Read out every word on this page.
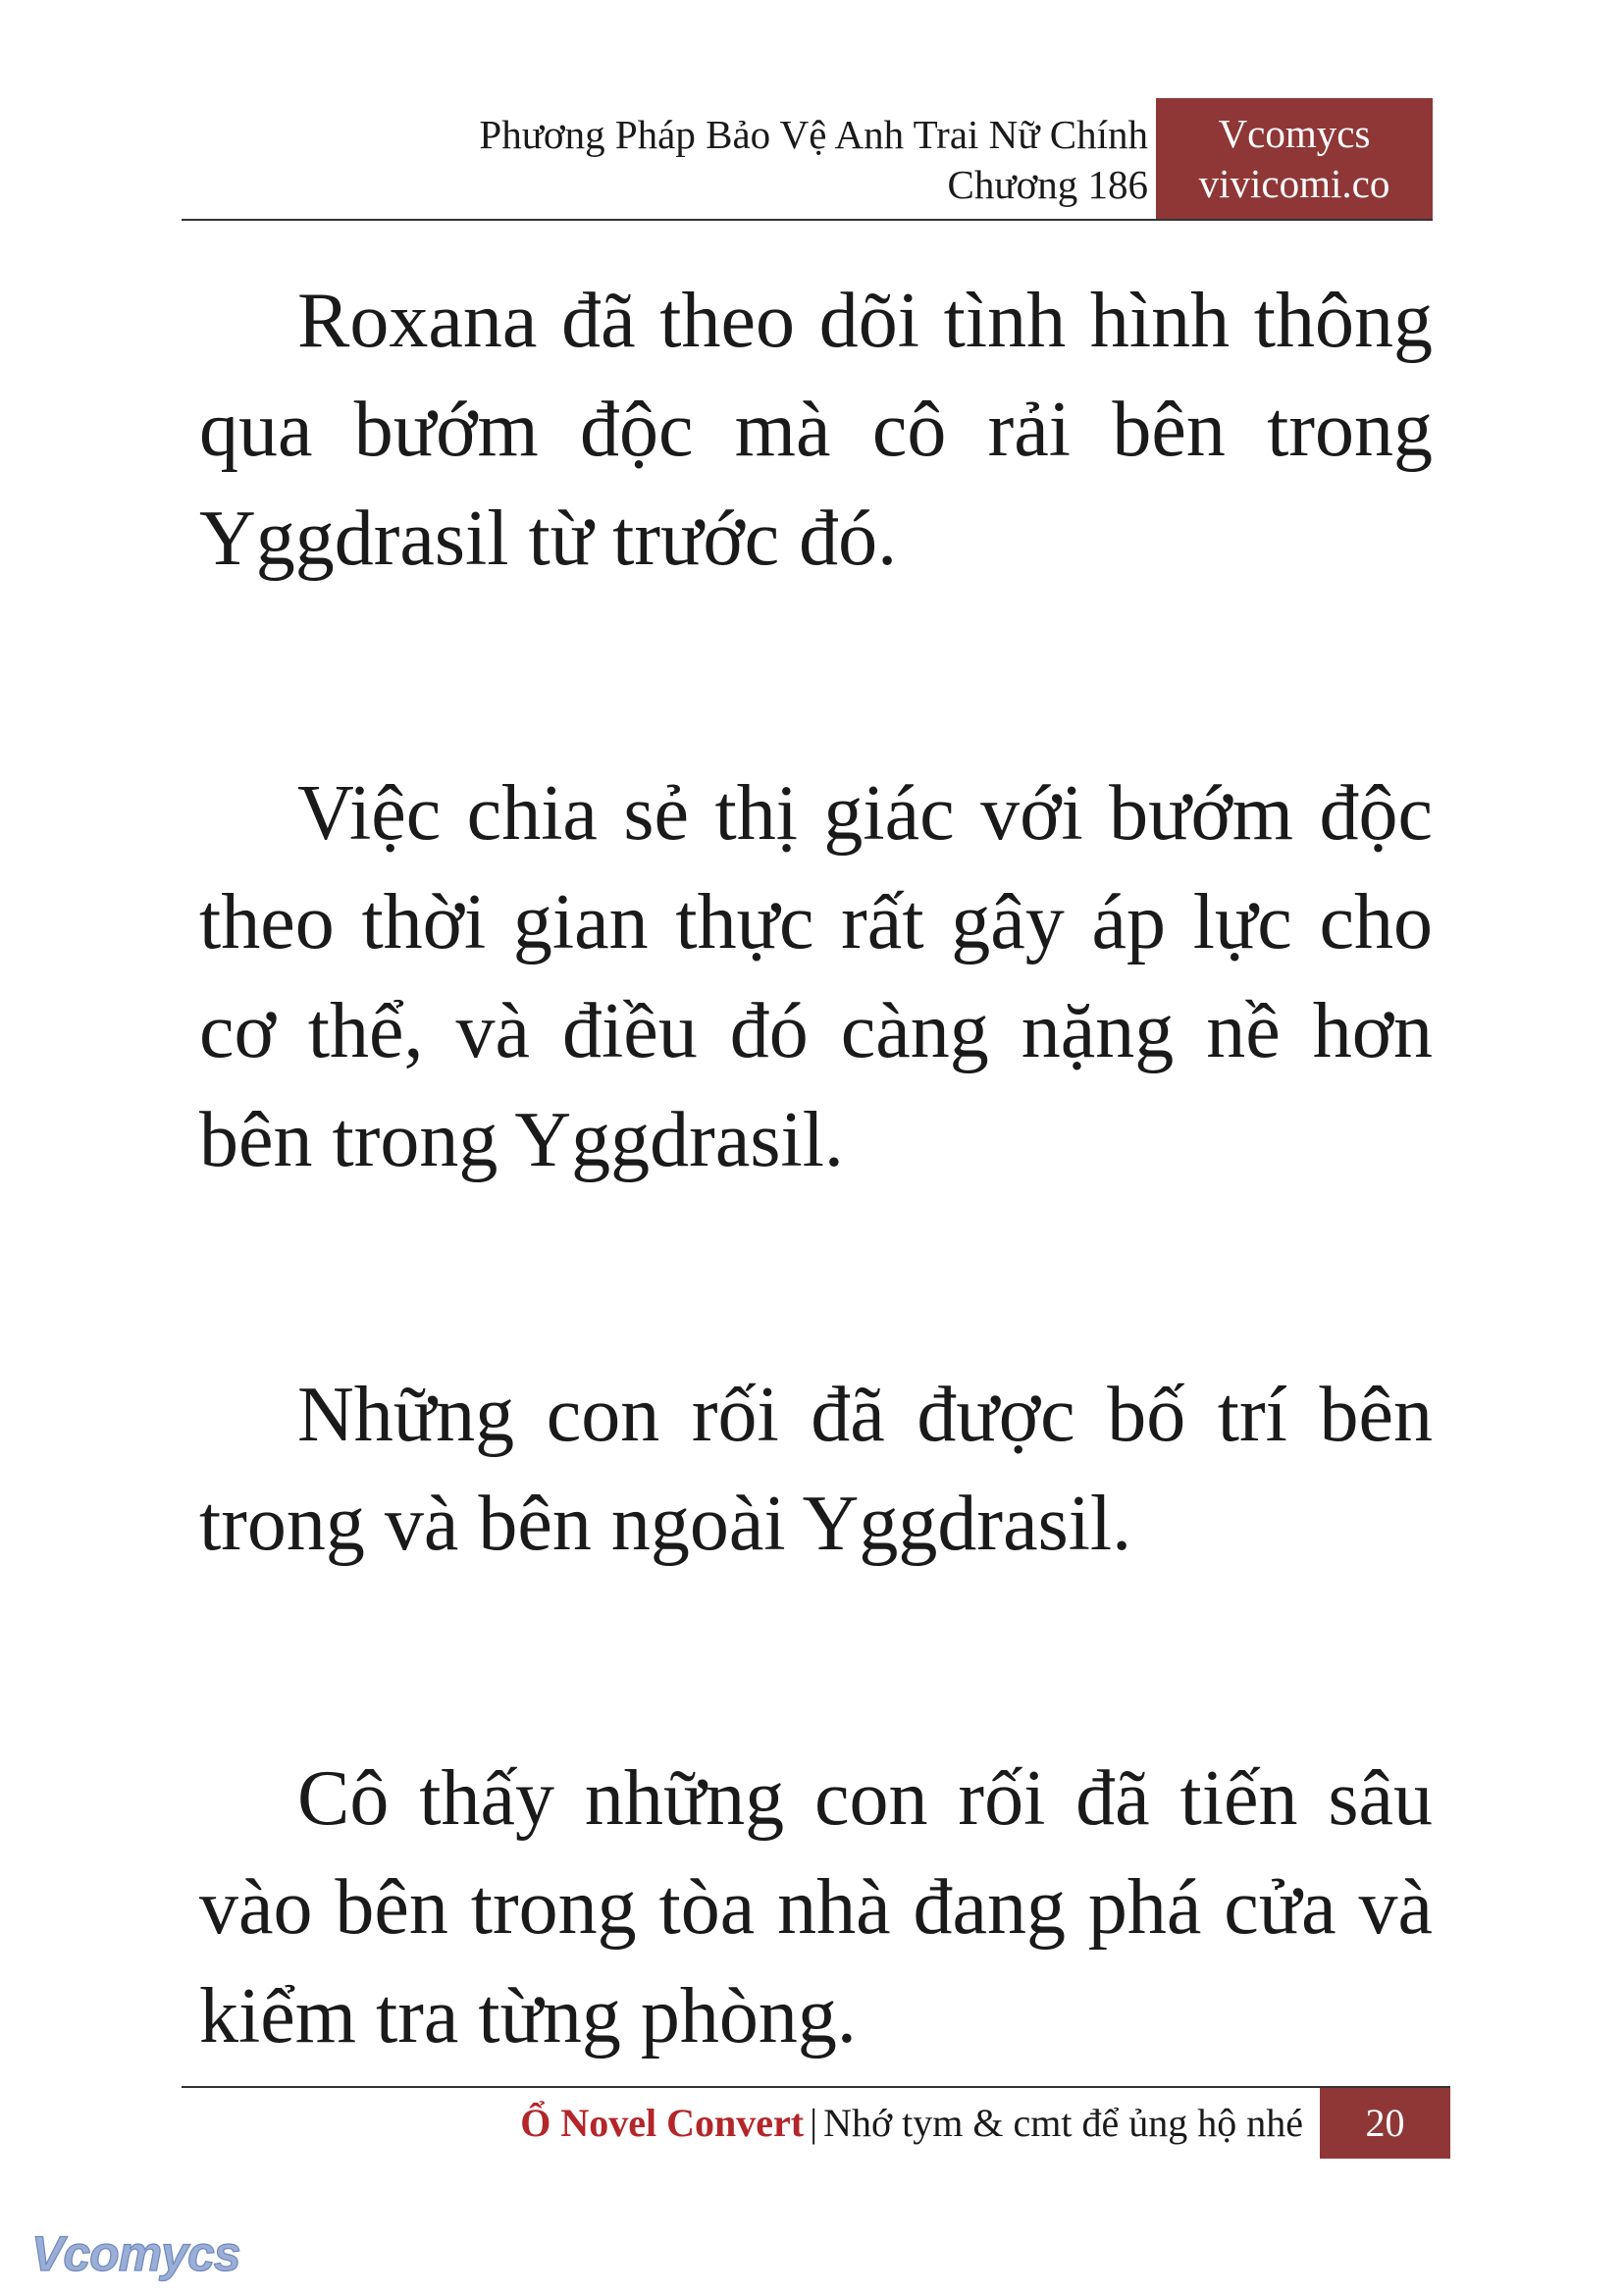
Phương Pháp Bảo Vệ Anh Trai Nữ Chính
Chương 186
Vcomycs
vivicomi.co

Roxana đã theo dõi tình hình thông qua bướm độc mà cô rải bên trong Yggdrasil từ trước đó.

Việc chia sẻ thị giác với bướm độc theo thời gian thực rất gây áp lực cho cơ thể, và điều đó càng nặng nề hơn bên trong Yggdrasil.

Những con rối đã được bố trí bên trong và bên ngoài Yggdrasil.

Cô thấy những con rối đã tiến sâu vào bên trong tòa nhà đang phá cửa và kiểm tra từng phòng.

Ổ Novel Convert | Nhớ tym & cmt để ủng hộ nhé	20
Vcomycs
